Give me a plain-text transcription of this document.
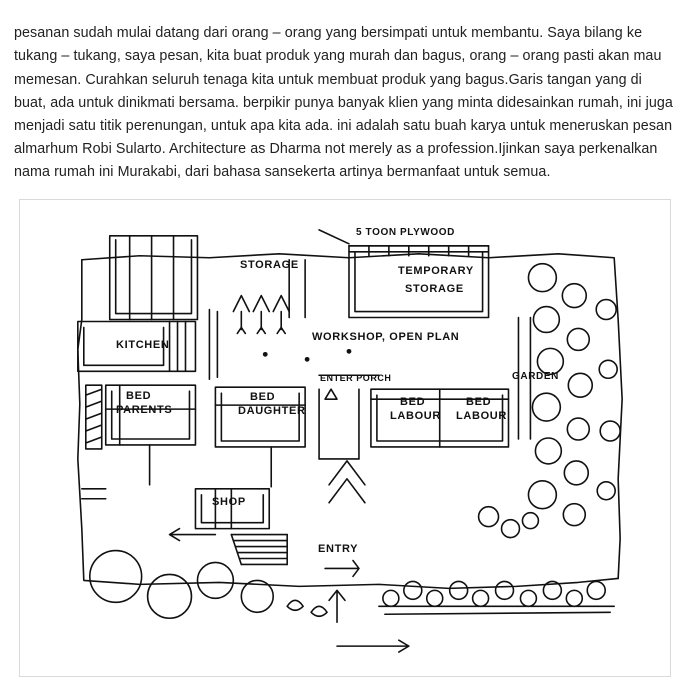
pesanan sudah mulai datang dari orang – orang yang bersimpati untuk membantu. Saya bilang ke tukang – tukang, saya pesan, kita buat produk yang murah dan bagus, orang – orang pasti akan mau memesan. Curahkan seluruh tenaga kita untuk membuat produk yang bagus.Garis tangan yang di buat, ada untuk dinikmati bersama. berpikir punya banyak klien yang minta didesainkan rumah, ini juga menjadi satu titik perenungan, untuk apa kita ada. ini adalah satu buah karya untuk meneruskan pesan almarhum Robi Sularto. Architecture as Dharma not merely as a profession.Ijinkan saya perkenalkan nama rumah ini Murakabi, dari bahasa sansekerta artinya bermanfaat untuk semua.

STORAGE
5 TOON PLYWOOD
TEMPORARY
STORAGE
KITCHEN
WORKSHOP, OPEN PLAN
ENTER PORCH	GARDEN
BED
PARENTS
BED
DAUGHTER
BED
LABOUR
BED
LABOUR
SHOP
ENTRY
